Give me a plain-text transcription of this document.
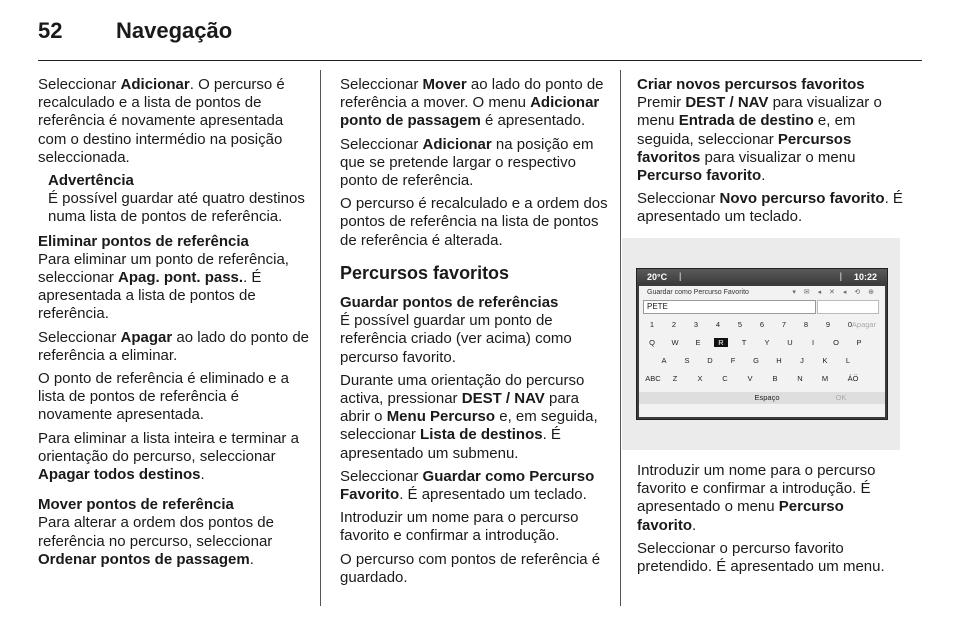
52 Navegação

Seleccionar Adicionar. O percurso é recalculado e a lista de pontos de referência é novamente apresentada com o destino intermédio na posição seleccionada.

Advertência
É possível guardar até quatro destinos numa lista de pontos de referência.
Eliminar pontos de referência

Para eliminar um ponto de referência, seleccionar Apag. pont. pass.. É apresentada a lista de pontos de referência.

Seleccionar Apagar ao lado do ponto de referência a eliminar.

O ponto de referência é eliminado e a lista de pontos de referência é novamente apresentada.

Para eliminar a lista inteira e terminar a orientação do percurso, seleccionar Apagar todos destinos.

Mover pontos de referência

Para alterar a ordem dos pontos de referência no percurso, seleccionar Ordenar pontos de passagem.

Seleccionar Mover ao lado do ponto de referência a mover. O menu Adicionar ponto de passagem é apresentado.

Seleccionar Adicionar na posição em que se pretende largar o respectivo ponto de referência.

O percurso é recalculado e a ordem dos pontos de referência na lista de pontos de referência é alterada.

Percursos favoritos
Guardar pontos de referências

É possível guardar um ponto de referência criado (ver acima) como percurso favorito.

Durante uma orientação do percurso activa, pressionar DEST / NAV para abrir o Menu Percurso e, em seguida, seleccionar Lista de destinos. É apresentado um submenu.

Seleccionar Guardar como Percurso Favorito. É apresentado um teclado.

Introduzir um nome para o percurso favorito e confirmar a introdução.

O percurso com pontos de referência é guardado.

Criar novos percursos favoritos

Premir DEST / NAV para visualizar o menu Entrada de destino e, em seguida, seleccionar Percursos favoritos para visualizar o menu Percurso favorito.

Seleccionar Novo percurso favorito. É apresentado um teclado.

Introduzir um nome para o percurso favorito e confirmar a introdução. É apresentado o menu Percurso favorito.

Seleccionar o percurso favorito pretendido. É apresentado um menu.

20°C |	| 10:22
Guardar como Percurso Favorito	▾ ✉ ◂ ✕ ◂ ⟲ ⊕
PETE
1	2	3	4	5	6	7	8	9	0 Apagar
Q	W	E	R	T	Y	U	I	O	P
A	S	D	F	G	H	J	K	L
ABC	Z	X	C	V	B	N	M	ÁÖ
Espaço	OK
